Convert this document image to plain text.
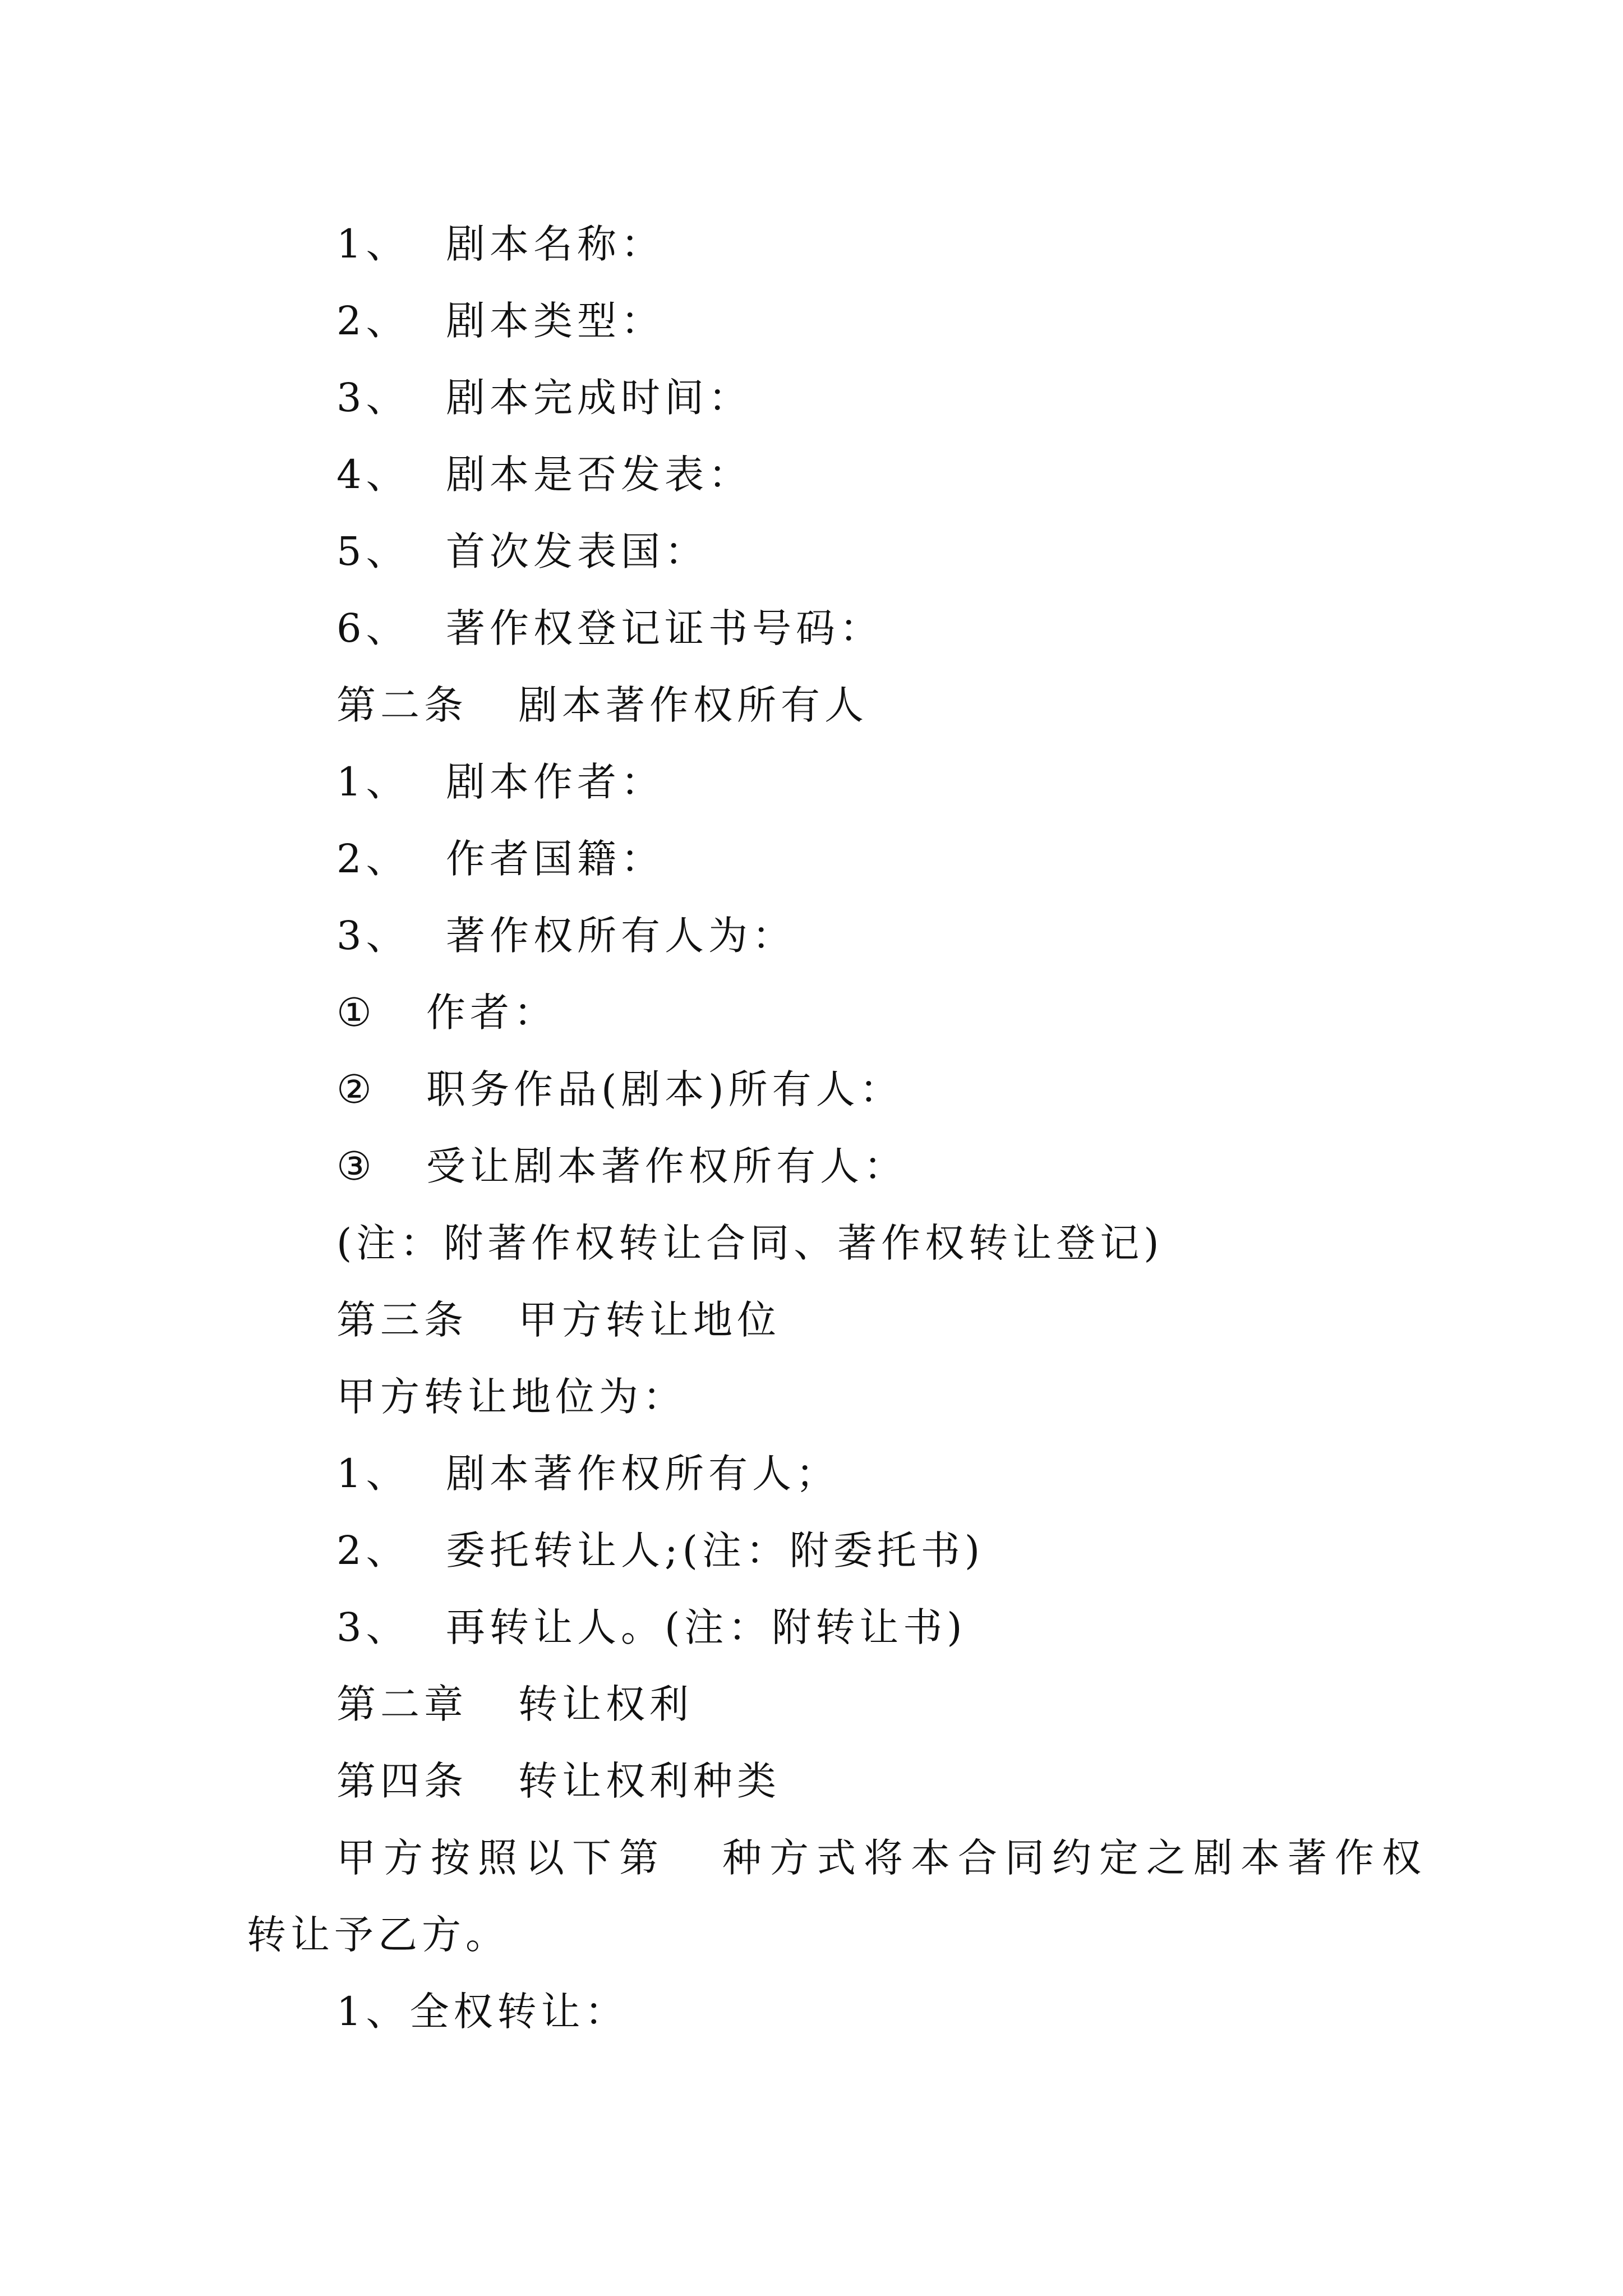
1、 剧本名称：
2、 剧本类型：
3、 剧本完成时间：
4、 剧本是否发表：
5、 首次发表国：
6、 著作权登记证书号码：
第二条 剧本著作权所有人
1、 剧本作者：
2、 作者国籍：
3、 著作权所有人为：
① 作者：
② 职务作品(剧本)所有人：
③ 受让剧本著作权所有人：
(注：附著作权转让合同、著作权转让登记)
第三条 甲方转让地位
甲方转让地位为：
1、 剧本著作权所有人；
2、 委托转让人;(注：附委托书)
3、 再转让人。(注：附转让书)
第二章 转让权利
第四条 转让权利种类
甲方按照以下第 种方式将本合同约定之剧本著作权
转让予乙方。
1、全权转让：
